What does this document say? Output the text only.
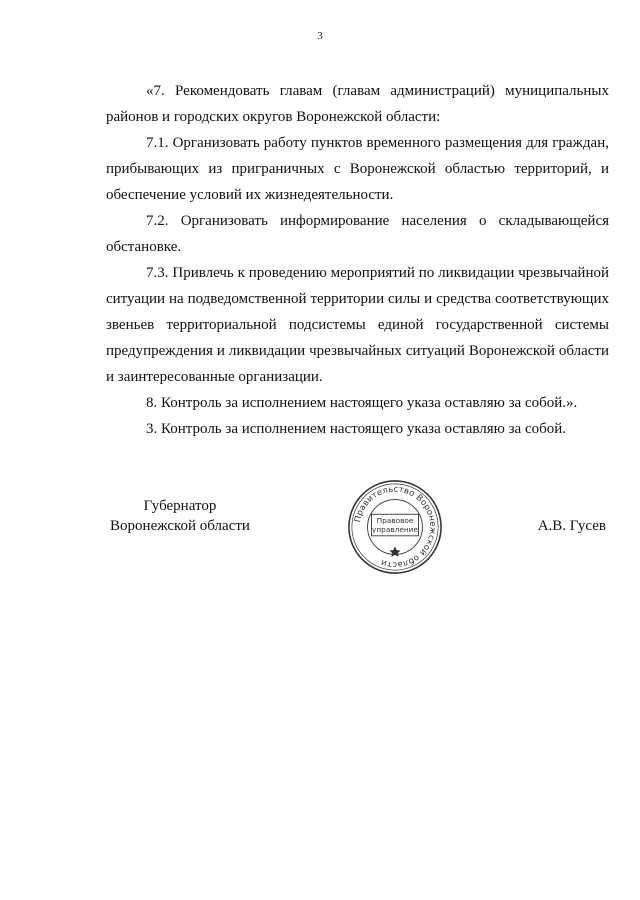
3

«7. Рекомендовать главам (главам администраций) муниципальных районов и городских округов Воронежской области:

7.1. Организовать работу пунктов временного размещения для граждан, прибывающих из приграничных с Воронежской областью территорий, и обеспечение условий их жизнедеятельности.

7.2. Организовать информирование населения о складывающейся обстановке.

7.3. Привлечь к проведению мероприятий по ликвидации чрезвычайной ситуации на подведомственной территории силы и средства соответствующих звеньев территориальной подсистемы единой государственной системы предупреждения и ликвидации чрезвычайных ситуаций Воронежской области и заинтересованные организации.

8. Контроль за исполнением настоящего указа оставляю за собой.».

3. Контроль за исполнением настоящего указа оставляю за собой.

Губернатор
Воронежской области	Правительство Воронежской области
Правовое
управление	А.В. Гусев
